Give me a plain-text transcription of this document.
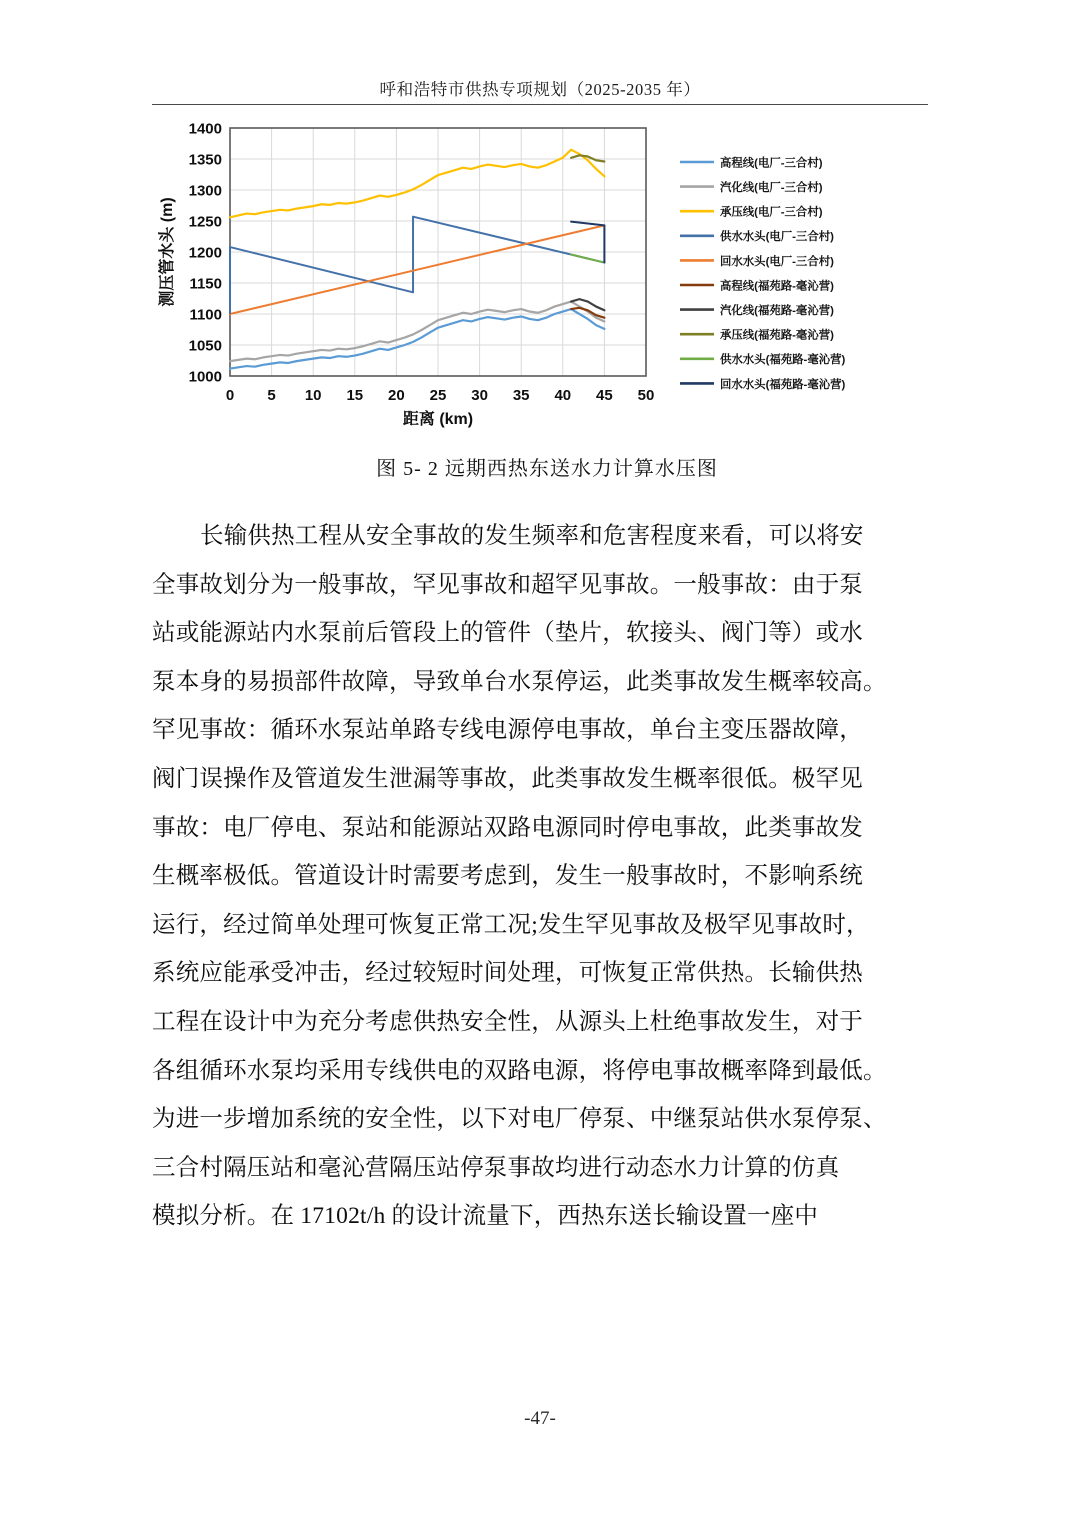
呼和浩特市供热专项规划（2025-2035 年）
1000
1050
1100
1150
1200
1250
1300
1350
1400
0 5 10 15 20 25 30 35 40 45 50
距离 (km)
测压管水头 (m)
高程线(电厂-三合村)
汽化线(电厂-三合村)
承压线(电厂-三合村)
供水水头(电厂-三合村)
回水水头(电厂-三合村)
高程线(福苑路-毫沁营)
汽化线(福苑路-毫沁营)
承压线(福苑路-毫沁营)
供水水头(福苑路-毫沁营)
回水水头(福苑路-毫沁营)
图 5- 2 远期西热东送水力计算水压图
长输供热工程从安全事故的发生频率和危害程度来看，可以将安
全事故划分为一般事故，罕见事故和超罕见事故。一般事故：由于泵
站或能源站内水泵前后管段上的管件（垫片，软接头、阀门等）或水
泵本身的易损部件故障，导致单台水泵停运，此类事故发生概率较高。
罕见事故：循环水泵站单路专线电源停电事故，单台主变压器故障，
阀门误操作及管道发生泄漏等事故，此类事故发生概率很低。极罕见
事故：电厂停电、泵站和能源站双路电源同时停电事故，此类事故发
生概率极低。管道设计时需要考虑到，发生一般事故时，不影响系统
运行，经过简单处理可恢复正常工况;发生罕见事故及极罕见事故时，
系统应能承受冲击，经过较短时间处理，可恢复正常供热。长输供热
工程在设计中为充分考虑供热安全性，从源头上杜绝事故发生，对于
各组循环水泵均采用专线供电的双路电源，将停电事故概率降到最低。
为进一步增加系统的安全性，以下对电厂停泵、中继泵站供水泵停泵、
三合村隔压站和毫沁营隔压站停泵事故均进行动态水力计算的仿真
模拟分析。在 17102t/h 的设计流量下，西热东送长输设置一座中
-47-
